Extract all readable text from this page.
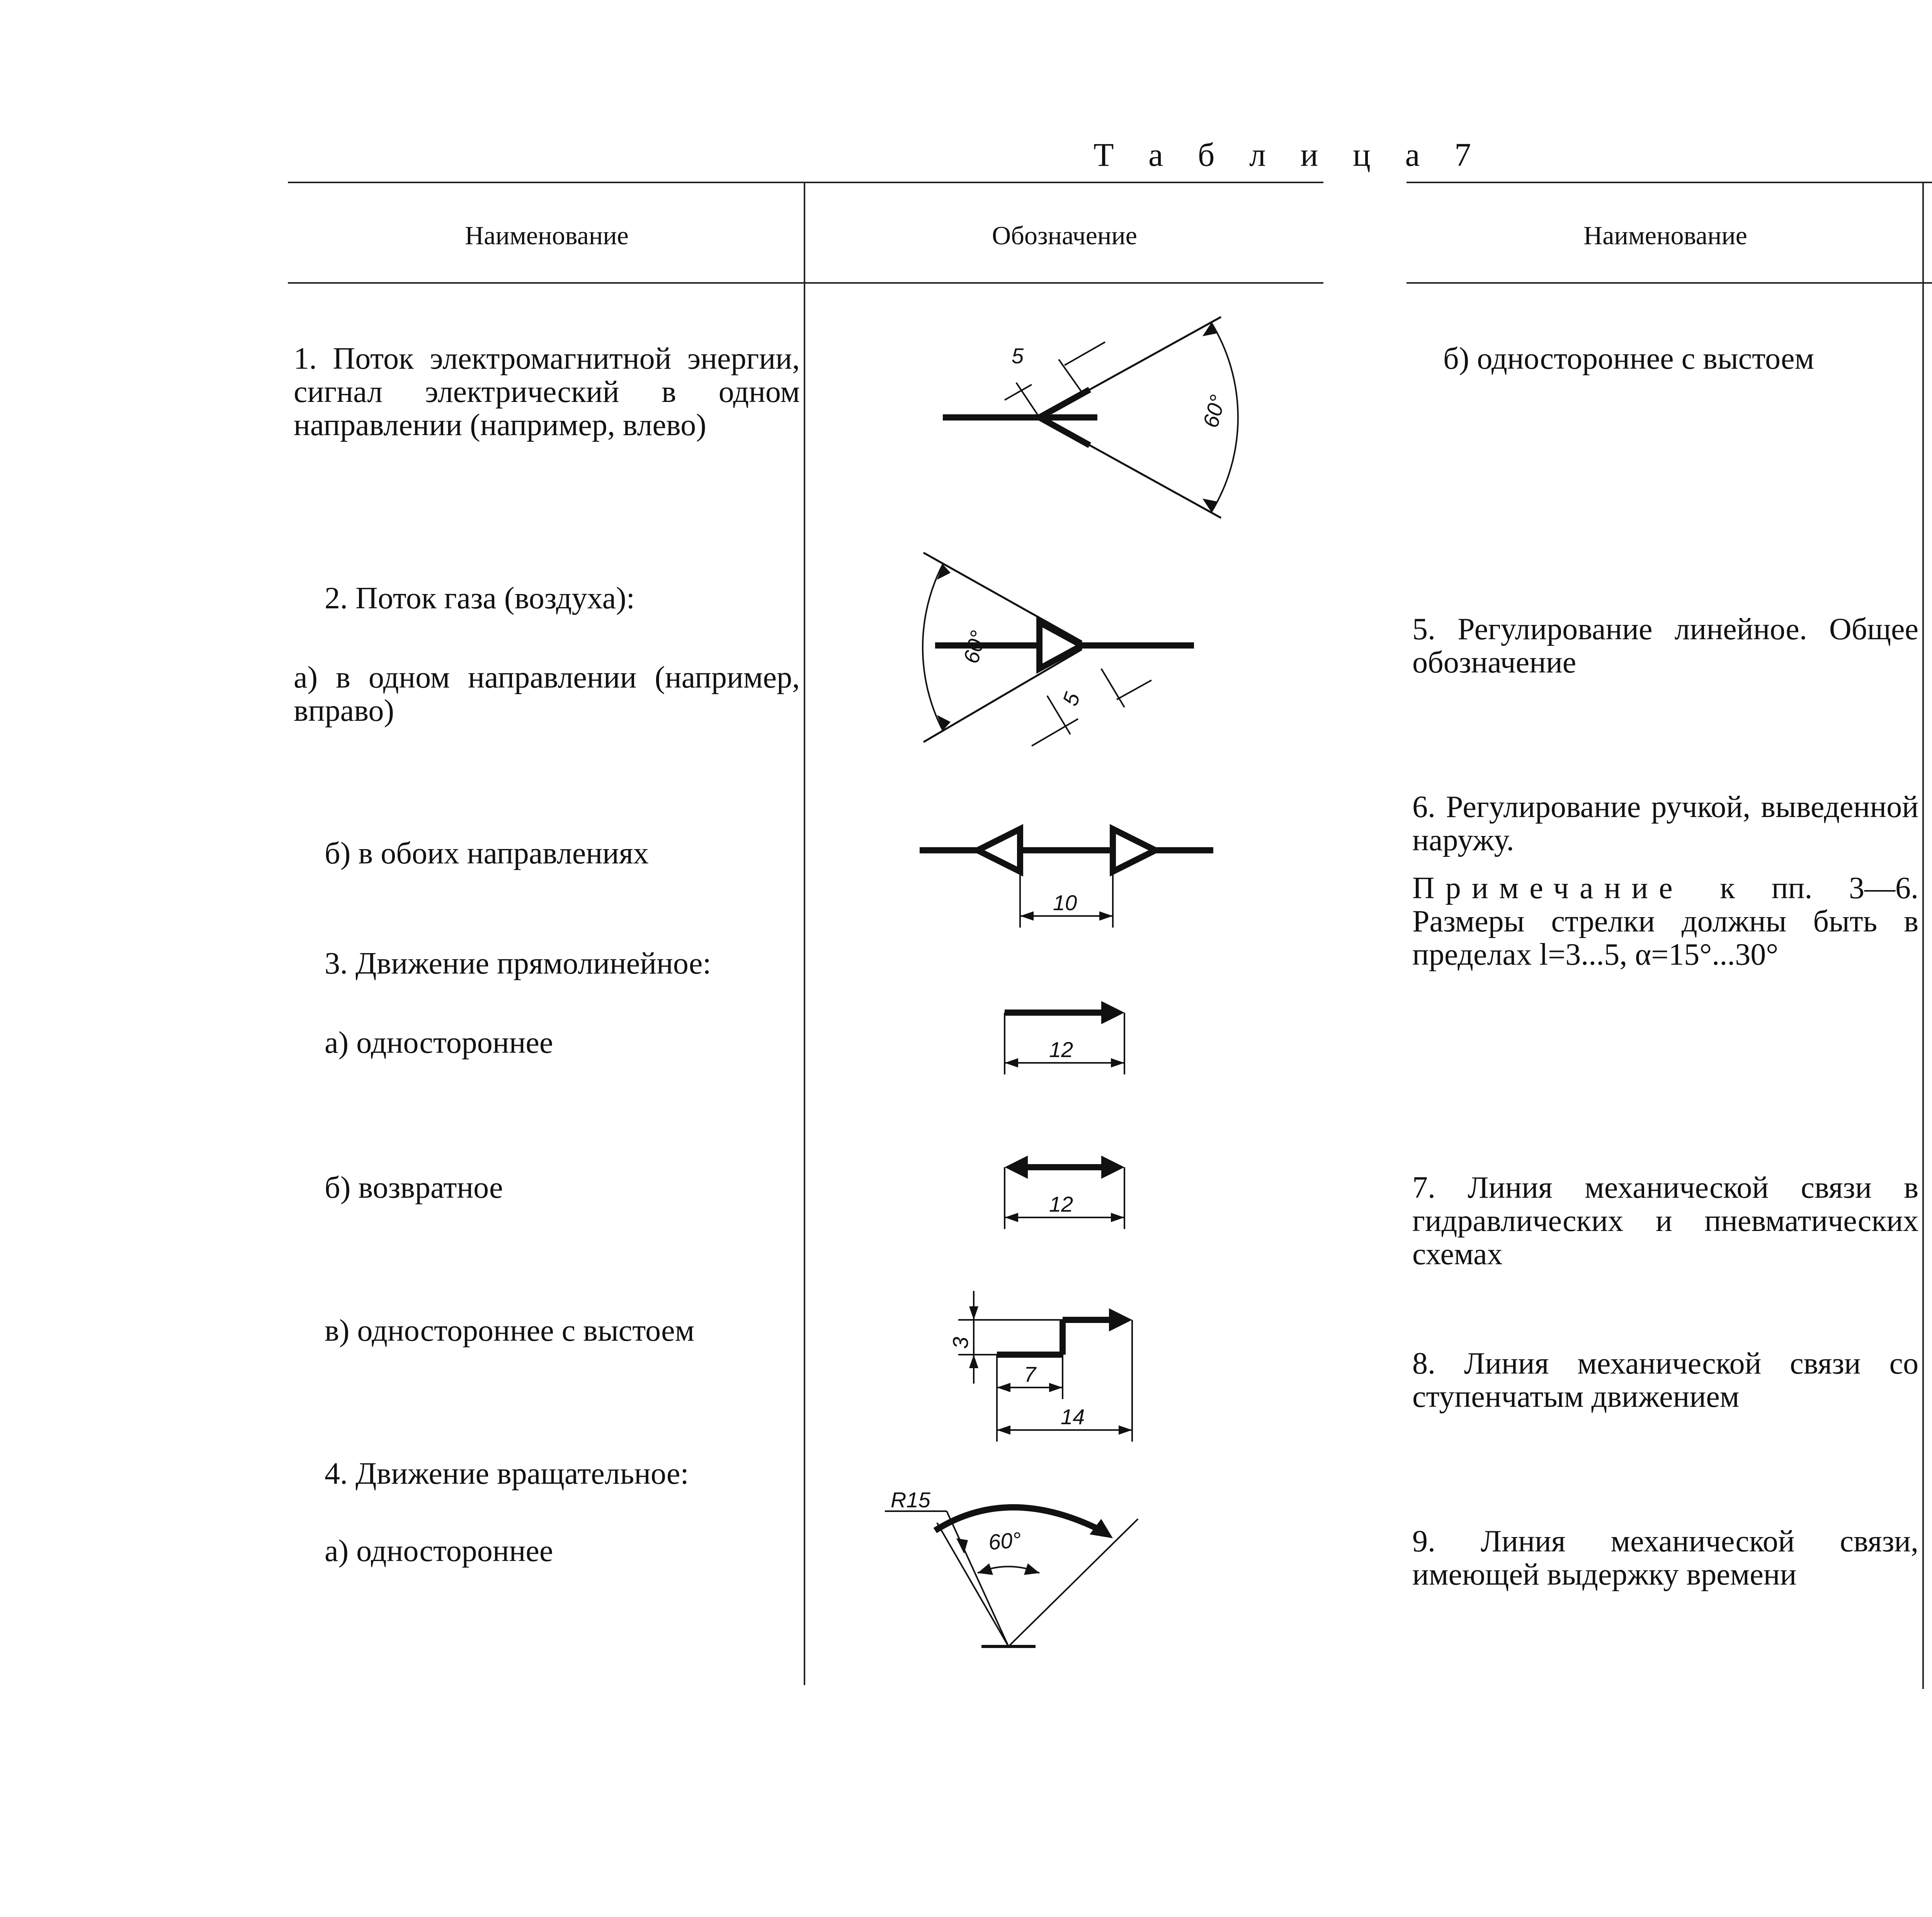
Т а б л и ц а 7
Наименование	Обозначение
1. Поток электромагнитной энергии, сигнал электрический в одном направлении (например, влево)
2. Поток газа (воздуха):
а) в одном направлении (например, вправо)
б) в обоих направлениях
3. Движение прямолинейное:
а) одностороннее
б) возвратное
в) одностороннее с выстоем
4. Движение вращательное:
а) одностороннее
Наименование
б) одностороннее с выстоем
5. Регулирование линейное. Общее обозначение
6. Регулирование ручкой, выведенной наружу.
Примечание к пп. 3—6. Размеры стрелки должны быть в пределах l=3...5, α=15°...30°
7. Линия механической связи в гидравлических и пневматических схемах
8. Линия механической связи со ступенчатым движением
9. Линия механической связи, имеющей выдержку времени
5
60°
5
60°
10
12
12
3
7
14
R15
60°
